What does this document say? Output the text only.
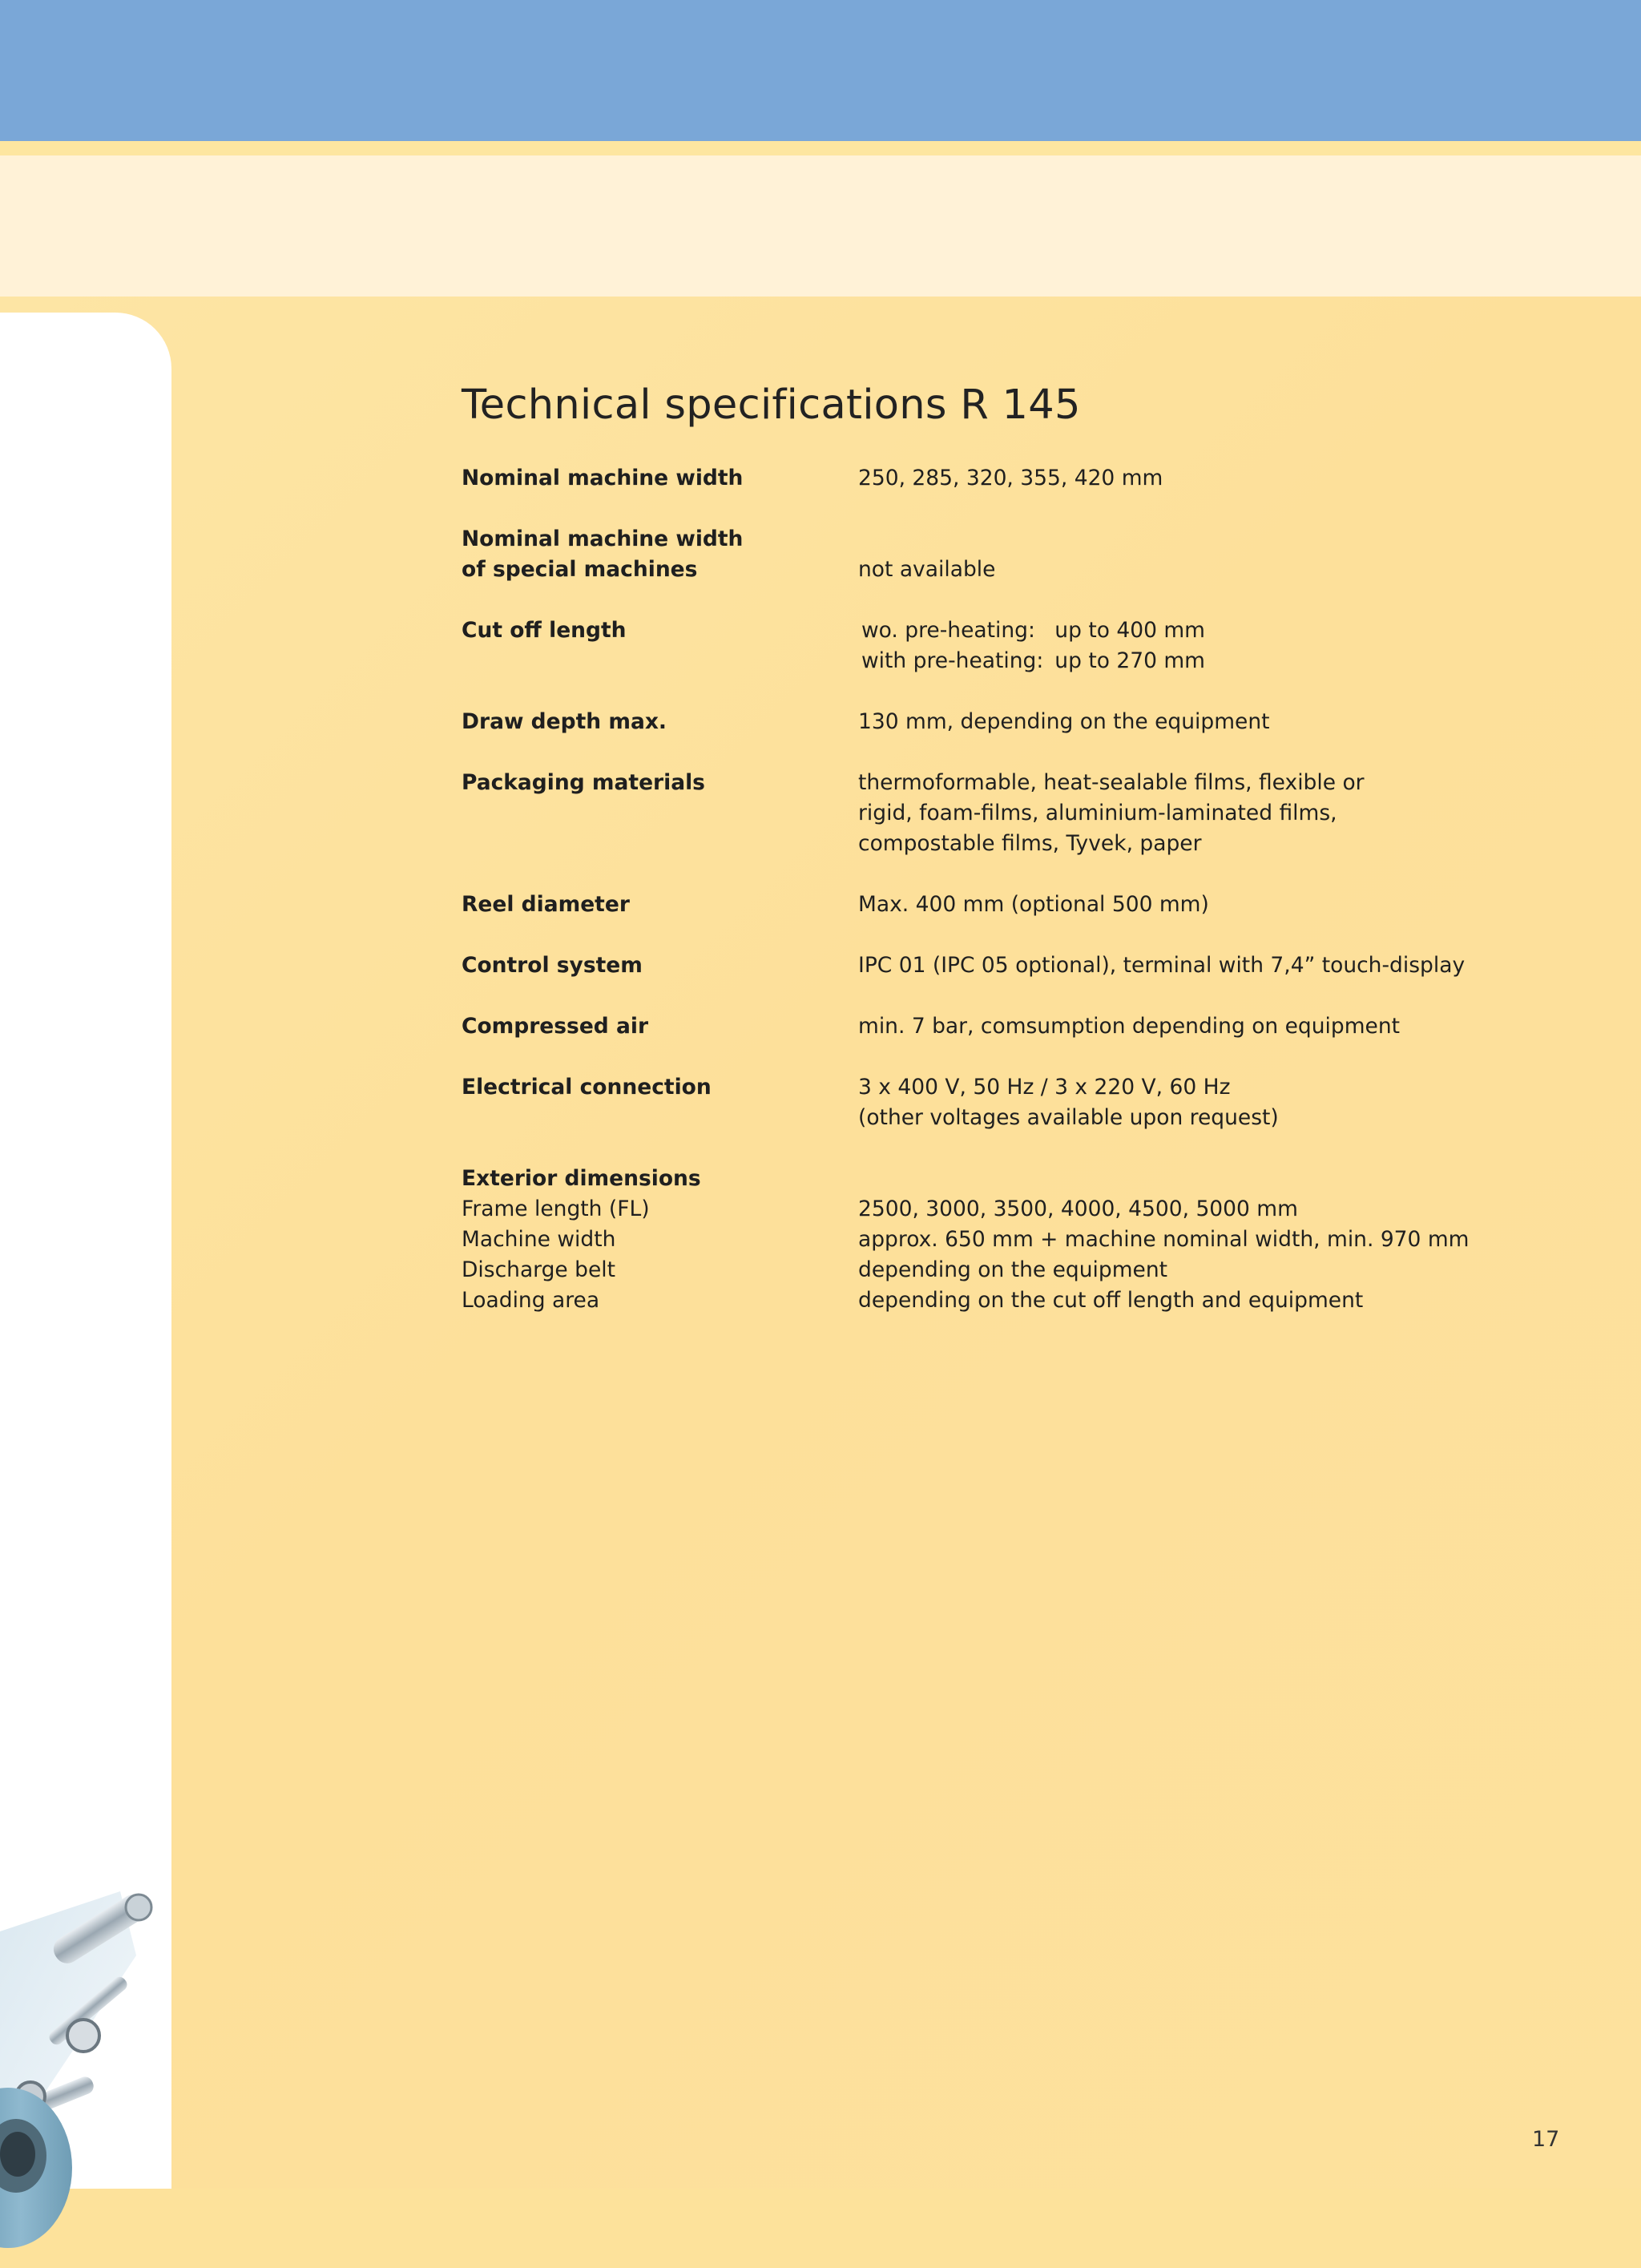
Technical specifications R 145
Nominal machine width	250, 285, 320, 355, 420 mm
Nominal machine width
of special machines	not available
Cut off length	wo. pre-heating: up to 400 mm
with pre-heating: up to 270 mm
Draw depth max.	130 mm, depending on the equipment
Packaging materials	thermoformable, heat-sealable films, flexible or
rigid, foam-films, aluminium-laminated films,
compostable films, Tyvek, paper
Reel diameter	Max. 400 mm (optional 500 mm)
Control system	IPC 01 (IPC 05 optional), terminal with 7,4” touch-display
Compressed air	min. 7 bar, comsumption depending on equipment
Electrical connection	3 x 400 V, 50 Hz / 3 x 220 V, 60 Hz
(other voltages available upon request)
Exterior dimensions
Frame length (FL)	2500, 3000, 3500, 4000, 4500, 5000 mm
Machine width	approx. 650 mm + machine nominal width, min. 970 mm
Discharge belt	depending on the equipment
Loading area	depending on the cut off length and equipment
17
